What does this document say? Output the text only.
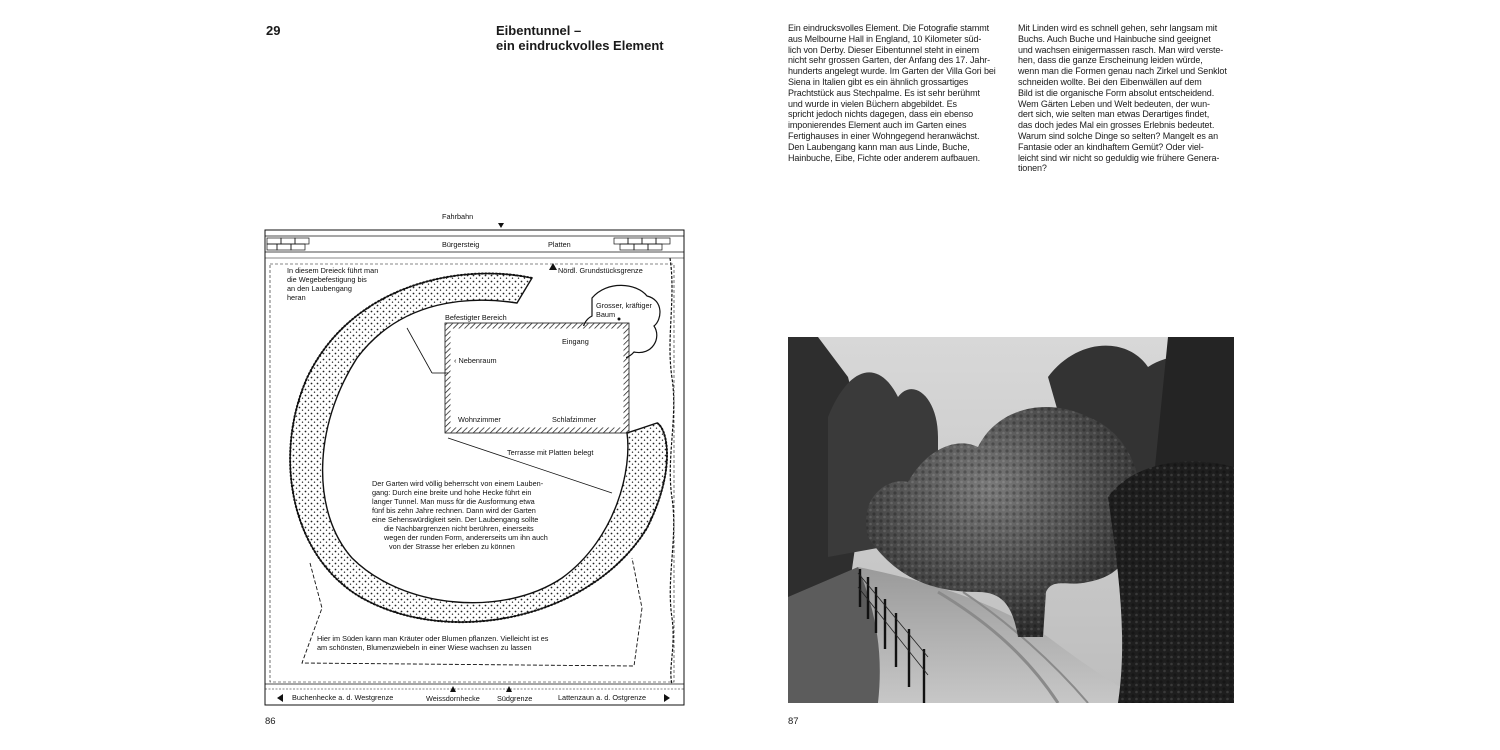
29	Eibentunnel –
ein eindruckvolles Element
Fahrbahn
Bürgersteig	Platten
Nördl. Grundstücksgrenze
In diesem Dreieck führt man die Wegebefestigung bis an den Laubengang heran
Grosser, kräftiger Baum
Befestigter Bereich
Eingang
‹ Nebenraum
Wohnzimmer	Schlafzimmer
Terrasse mit Platten belegt
Der Garten wird völlig beherrscht von einem Lauben- gang: Durch eine breite und hohe Hecke führt ein langer Tunnel. Man muss für die Ausformung etwa fünf bis zehn Jahre rechnen. Dann wird der Garten eine Sehenswürdigkeit sein. Der Laubengang sollte die Nachbargrenzen nicht berühren, einerseits wegen der runden Form, andererseits um ihn auch von der Strasse her erleben zu können
Hier im Süden kann man Kräuter oder Blumen pflanzen. Vielleicht ist es am schönsten, Blumenzwiebeln in einer Wiese wachsen zu lassen
Buchenhecke a. d. Westgrenze	Weissdornhecke Südgrenze	Lattenzaun a. d. Ostgrenze
86
Ein eindrucksvolles Element. Die Fotografie stammt
aus Melbourne Hall in England, 10 Kilometer süd-
lich von Derby. Dieser Eibentunnel steht in einem
nicht sehr grossen Garten, der Anfang des 17. Jahr-
hunderts angelegt wurde. Im Garten der Villa Gori bei
Siena in Italien gibt es ein ähnlich grossartiges
Prachtstück aus Stechpalme. Es ist sehr berühmt
und wurde in vielen Büchern abgebildet. Es
spricht jedoch nichts dagegen, dass ein ebenso
imponierendes Element auch im Garten eines
Fertighauses in einer Wohngegend heranwächst.
Den Laubengang kann man aus Linde, Buche,
Hainbuche, Eibe, Fichte oder anderem aufbauen.
Mit Linden wird es schnell gehen, sehr langsam mit
Buchs. Auch Buche und Hainbuche sind geeignet
und wachsen einigermassen rasch. Man wird verste-
hen, dass die ganze Erscheinung leiden würde,
wenn man die Formen genau nach Zirkel und Senklot
schneiden wollte. Bei den Eibenwällen auf dem
Bild ist die organische Form absolut entscheidend.
Wem Gärten Leben und Welt bedeuten, der wun-
dert sich, wie selten man etwas Derartiges findet,
das doch jedes Mal ein grosses Erlebnis bedeutet.
Warum sind solche Dinge so selten? Mangelt es an
Fantasie oder an kindhaftem Gemüt? Oder viel-
leicht sind wir nicht so geduldig wie frühere Genera-
tionen?
87
